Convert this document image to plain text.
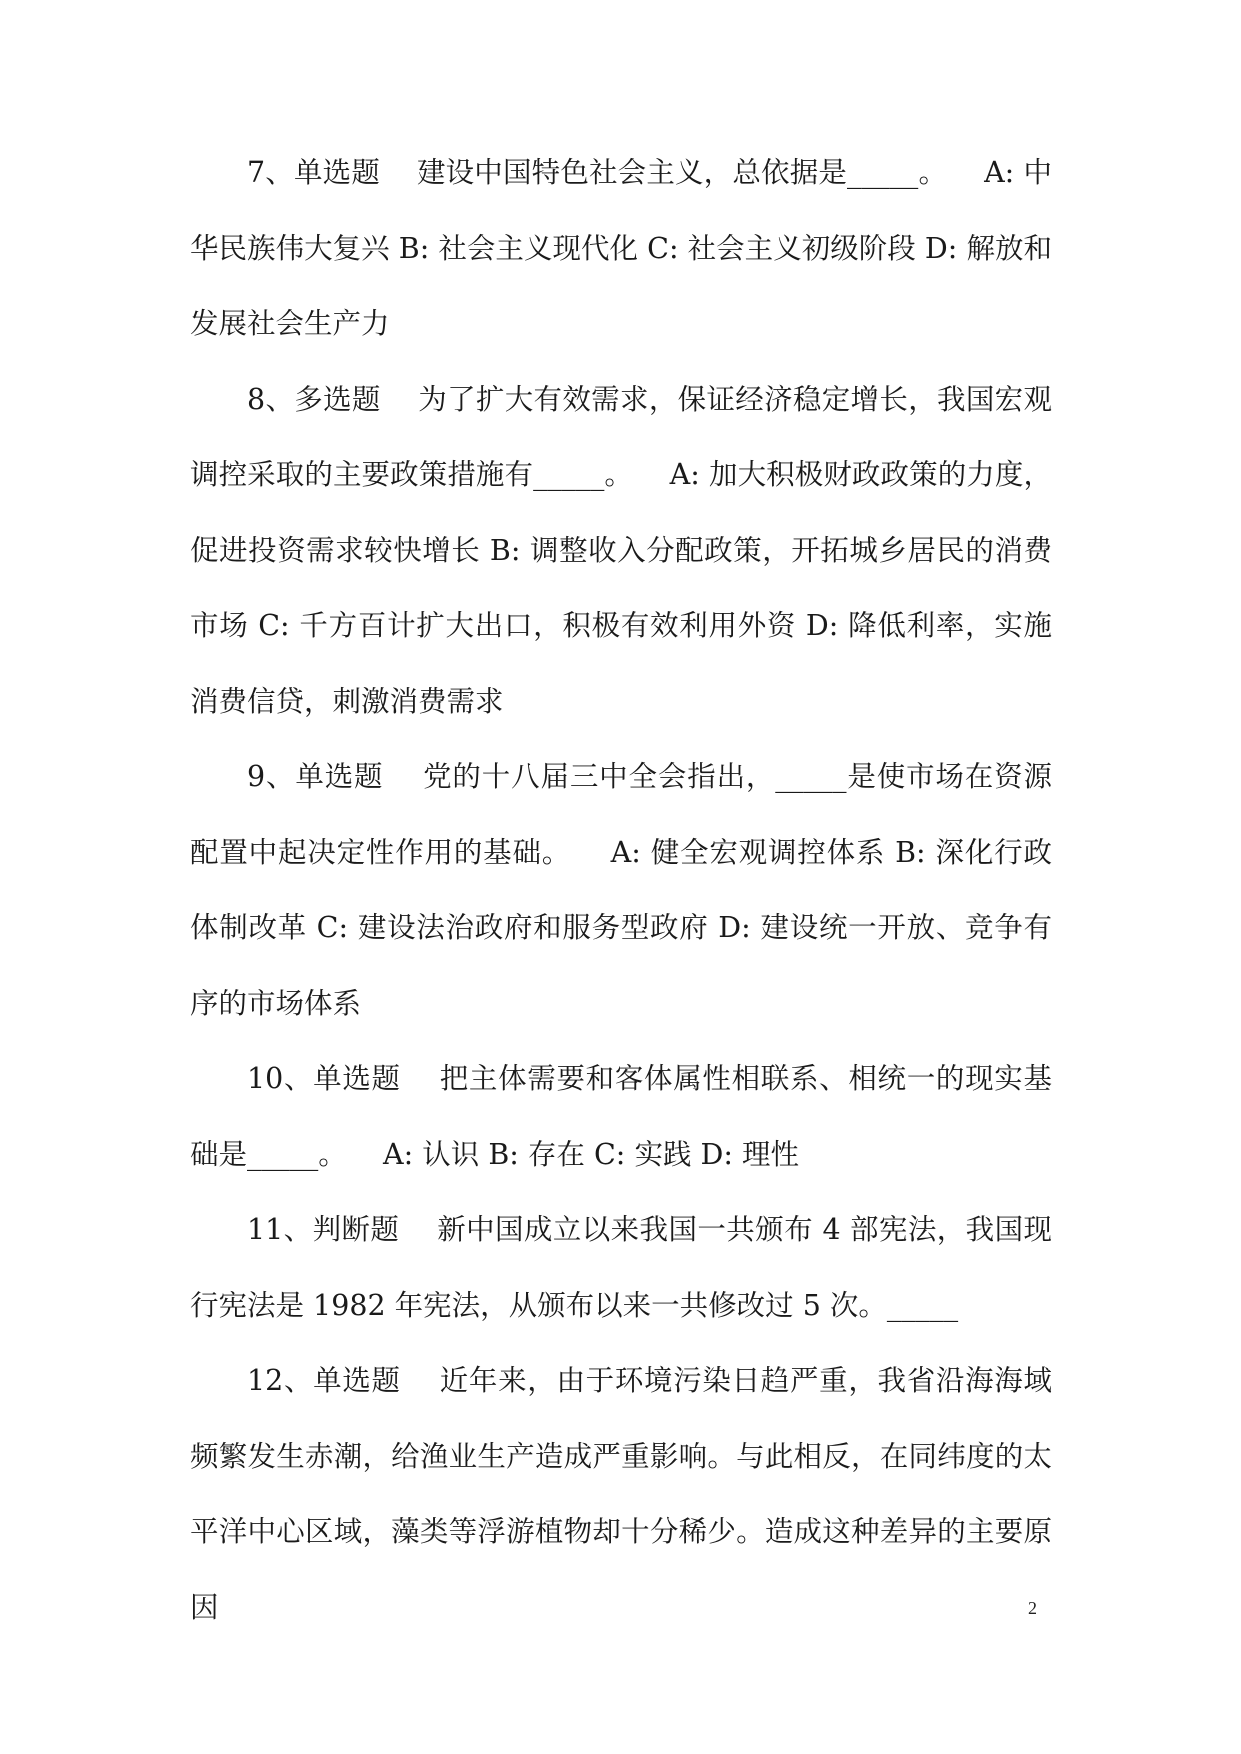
7、单选题 建设中国特色社会主义，总依据是_____。 A: 中华民族伟大复兴 B: 社会主义现代化 C: 社会主义初级阶段 D: 解放和发展社会生产力

8、多选题 为了扩大有效需求，保证经济稳定增长，我国宏观调控采取的主要政策措施有_____。 A: 加大积极财政政策的力度，促进投资需求较快增长 B: 调整收入分配政策，开拓城乡居民的消费市场 C: 千方百计扩大出口，积极有效利用外资 D: 降低利率，实施消费信贷，刺激消费需求

9、单选题 党的十八届三中全会指出，_____是使市场在资源配置中起决定性作用的基础。 A: 健全宏观调控体系 B: 深化行政体制改革 C: 建设法治政府和服务型政府 D: 建设统一开放、竞争有序的市场体系

10、单选题 把主体需要和客体属性相联系、相统一的现实基础是_____。 A: 认识 B: 存在 C: 实践 D: 理性

11、判断题 新中国成立以来我国一共颁布 4 部宪法，我国现行宪法是 1982 年宪法，从颁布以来一共修改过 5 次。_____

12、单选题 近年来，由于环境污染日趋严重，我省沿海海域频繁发生赤潮，给渔业生产造成严重影响。与此相反，在同纬度的太平洋中心区域，藻类等浮游植物却十分稀少。造成这种差异的主要原因	2
